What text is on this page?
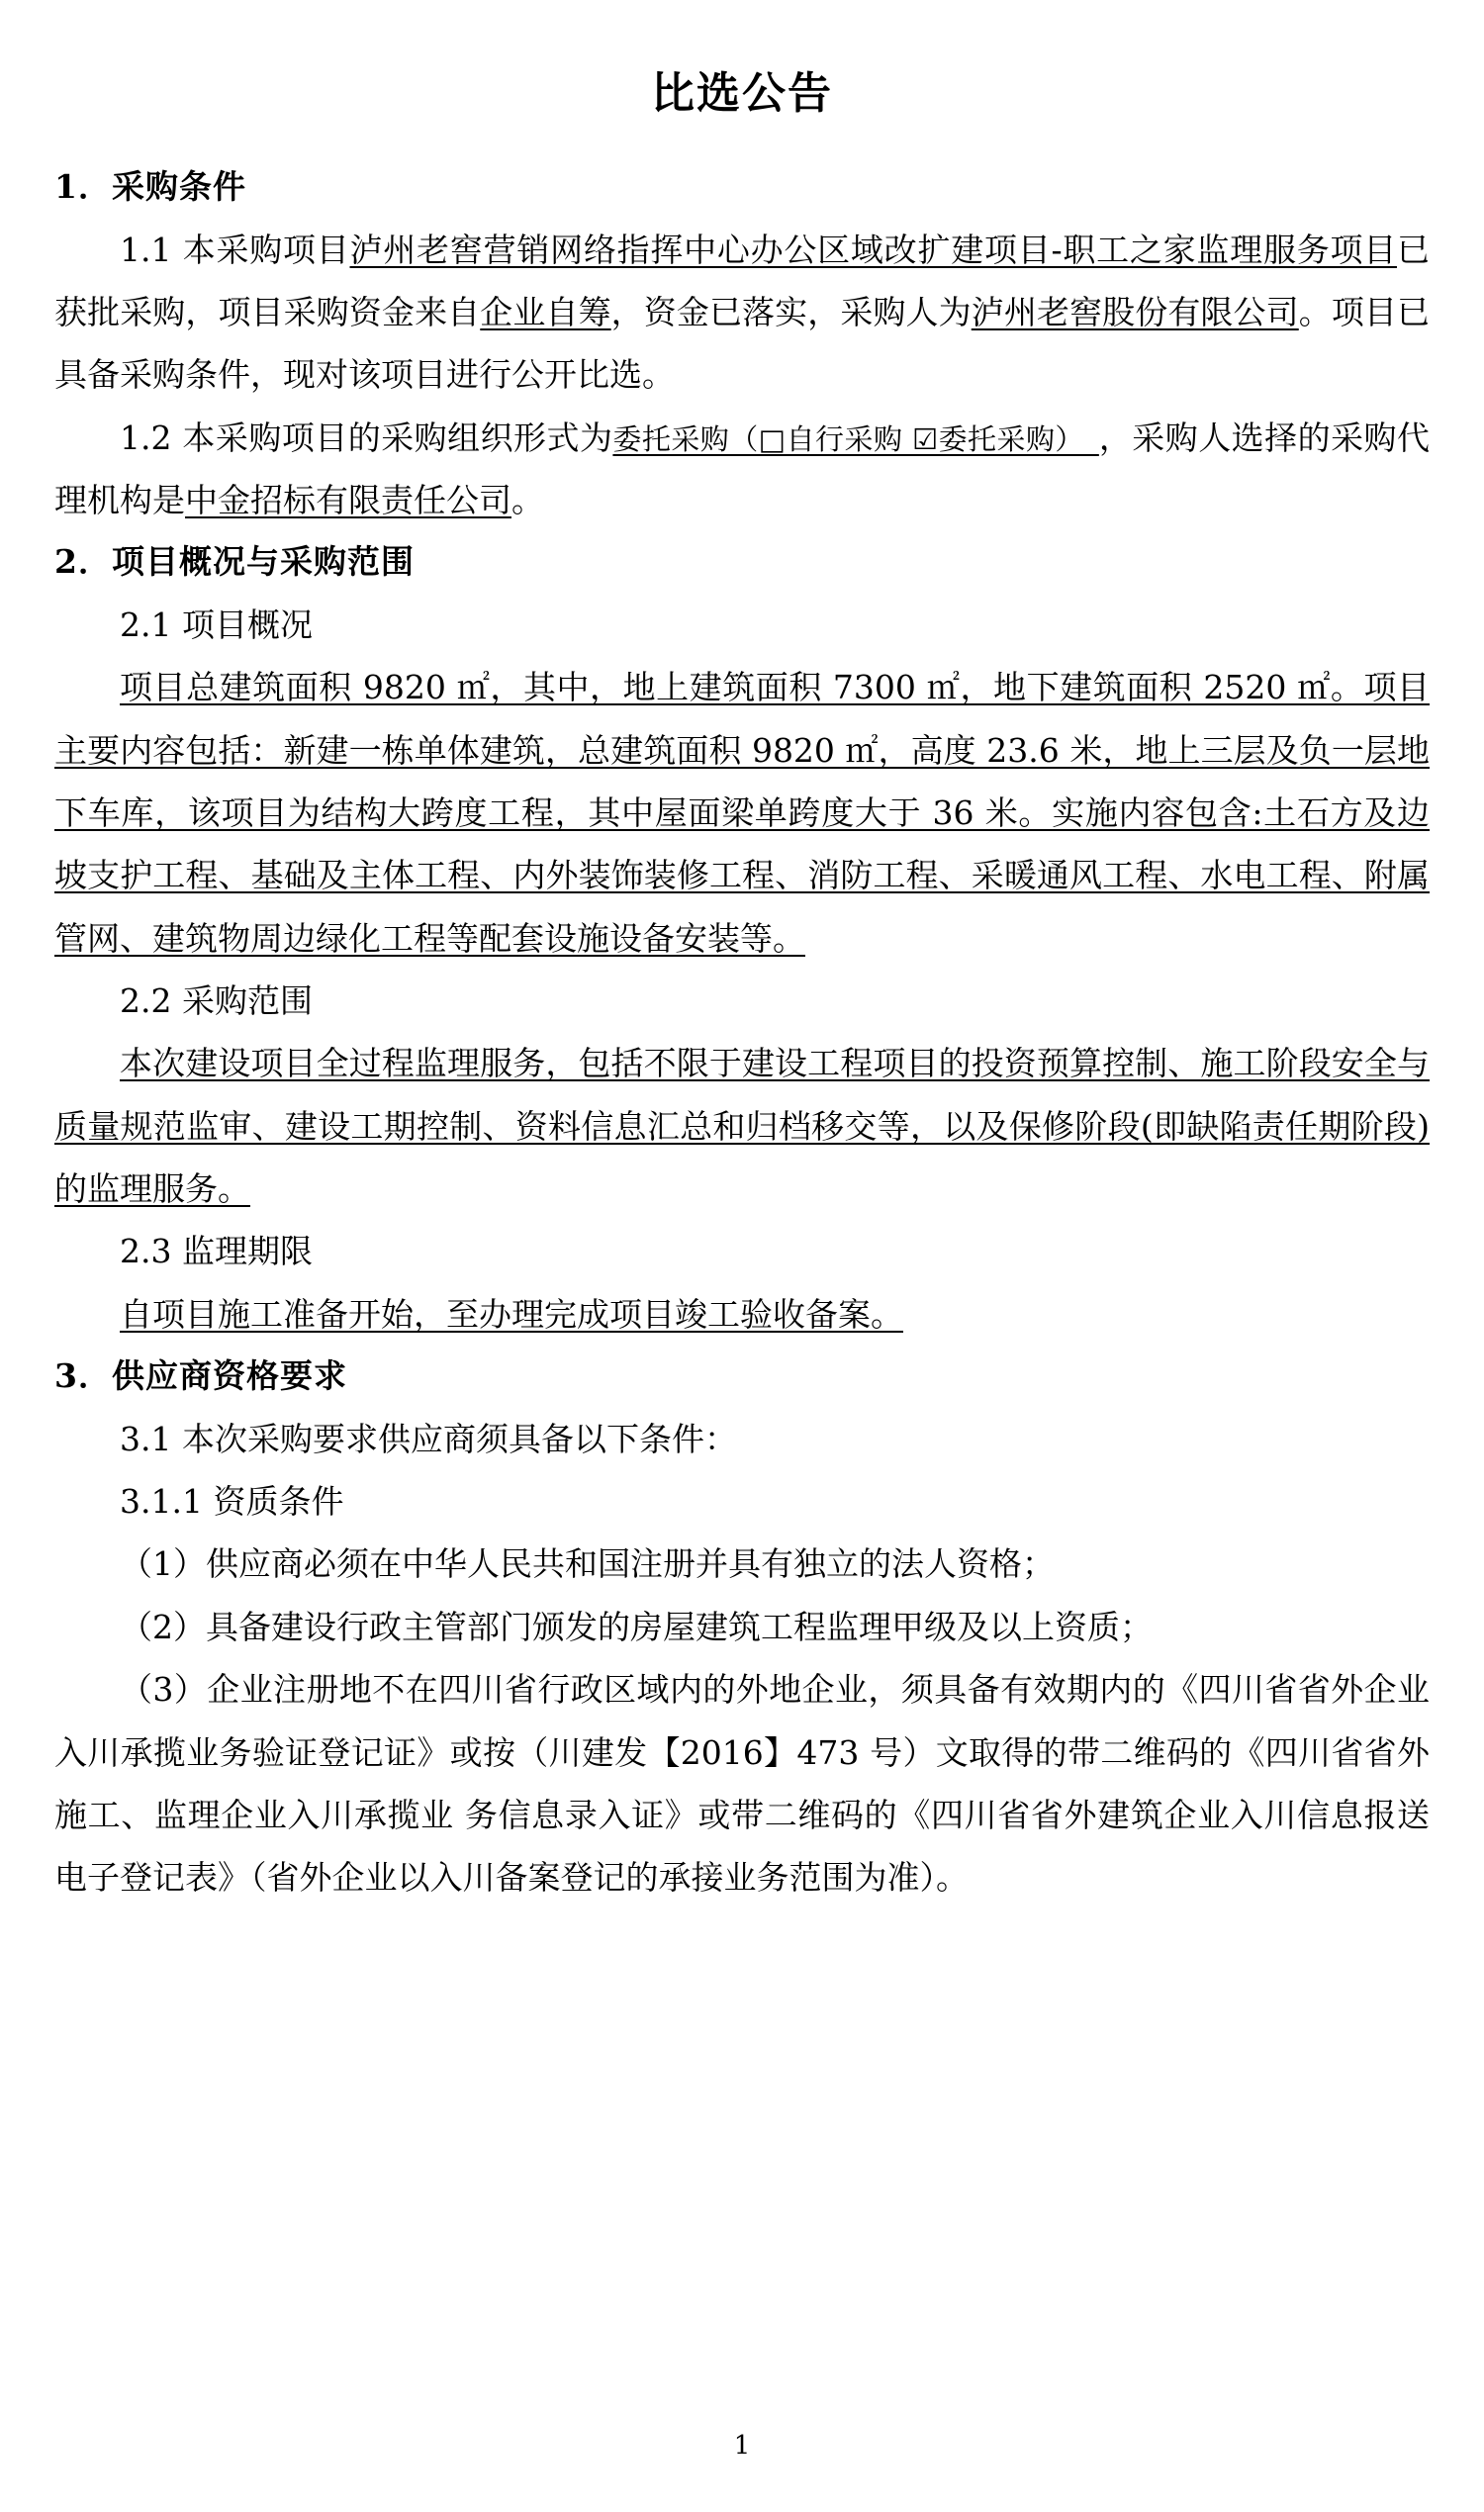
比选公告
1．采购条件

1.1 本采购项目泸州老窖营销网络指挥中心办公区域改扩建项目-职工之家监理服务项目已获批采购，项目采购资金来自企业自筹，资金已落实，采购人为泸州老窖股份有限公司。项目已具备采购条件，现对该项目进行公开比选。

1.2 本采购项目的采购组织形式为委托采购（□自行采购 ☑委托采购）　，采购人选择的采购代理机构是中金招标有限责任公司。

2．项目概况与采购范围

2.1 项目概况

项目总建筑面积 9820 ㎡，其中，地上建筑面积 7300 ㎡，地下建筑面积 2520 ㎡。项目主要内容包括：新建一栋单体建筑，总建筑面积 9820 ㎡，高度 23.6 米，地上三层及负一层地下车库，该项目为结构大跨度工程，其中屋面梁单跨度大于 36 米。实施内容包含:土石方及边坡支护工程、基础及主体工程、内外装饰装修工程、消防工程、采暖通风工程、水电工程、附属管网、建筑物周边绿化工程等配套设施设备安装等。

2.2 采购范围

本次建设项目全过程监理服务，包括不限于建设工程项目的投资预算控制、施工阶段安全与质量规范监审、建设工期控制、资料信息汇总和归档移交等，以及保修阶段(即缺陷责任期阶段)的监理服务。

2.3 监理期限

自项目施工准备开始，至办理完成项目竣工验收备案。

3．供应商资格要求

3.1 本次采购要求供应商须具备以下条件：

3.1.1 资质条件

（1）供应商必须在中华人民共和国注册并具有独立的法人资格；

（2）具备建设行政主管部门颁发的房屋建筑工程监理甲级及以上资质；

（3）企业注册地不在四川省行政区域内的外地企业，须具备有效期内的《四川省省外企业入川承揽业务验证登记证》或按（川建发【2016】473 号）文取得的带二维码的《四川省省外施工、监理企业入川承揽业 务信息录入证》或带二维码的《四川省省外建筑企业入川信息报送电子登记表》（省外企业以入川备案登记的承接业务范围为准）。

1
